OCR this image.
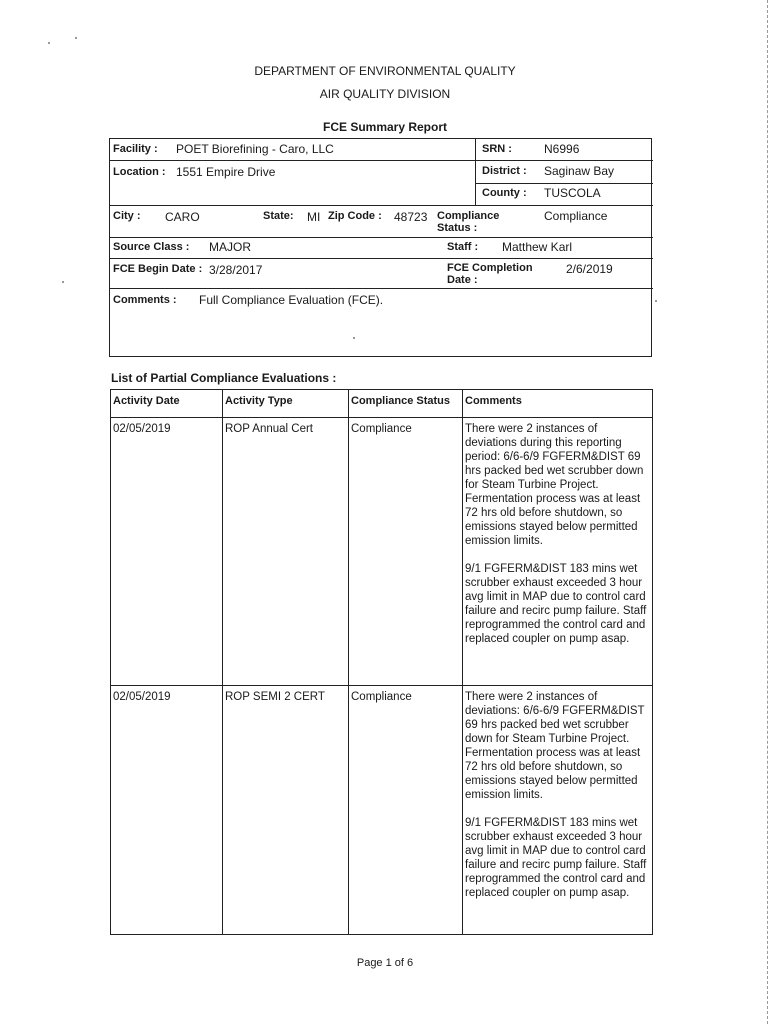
DEPARTMENT OF ENVIRONMENTAL QUALITY
AIR QUALITY DIVISION
FCE Summary Report
Facility : POET Biorefining - Caro, LLC	SRN :	N6996
Location : 1551 Empire Drive	District : Saginaw Bay
County : TUSCOLA
City : CARO	State: MI Zip Code : 48723 Compliance
Status :
Compliance
Source Class : MAJOR	Staff : Matthew Karl
FCE Begin Date : 3/28/2017	FCE Completion
Date :
2/6/2019
Comments : Full Compliance Evaluation (FCE).
List of Partial Compliance Evaluations :
Activity Date	Activity Type	Compliance Status	Comments
02/05/2019	ROP Annual Cert	Compliance	There were 2 instances of deviations during this reporting period: 6/6-6/9 FGFERM&DIST 69 hrs packed bed wet scrubber down for Steam Turbine Project. Fermentation process was at least 72 hrs old before shutdown, so emissions stayed below permitted emission limits.
9/1 FGFERM&DIST 183 mins wet scrubber exhaust exceeded 3 hour avg limit in MAP due to control card failure and recirc pump failure. Staff reprogrammed the control card and replaced coupler on pump asap.

02/05/2019	ROP SEMI 2 CERT	Compliance	There were 2 instances of deviations: 6/6-6/9 FGFERM&DIST 69 hrs packed bed wet scrubber down for Steam Turbine Project. Fermentation process was at least 72 hrs old before shutdown, so emissions stayed below permitted emission limits.
9/1 FGFERM&DIST 183 mins wet scrubber exhaust exceeded 3 hour avg limit in MAP due to control card failure and recirc pump failure. Staff reprogrammed the control card and replaced coupler on pump asap.
Page 1 of 6
